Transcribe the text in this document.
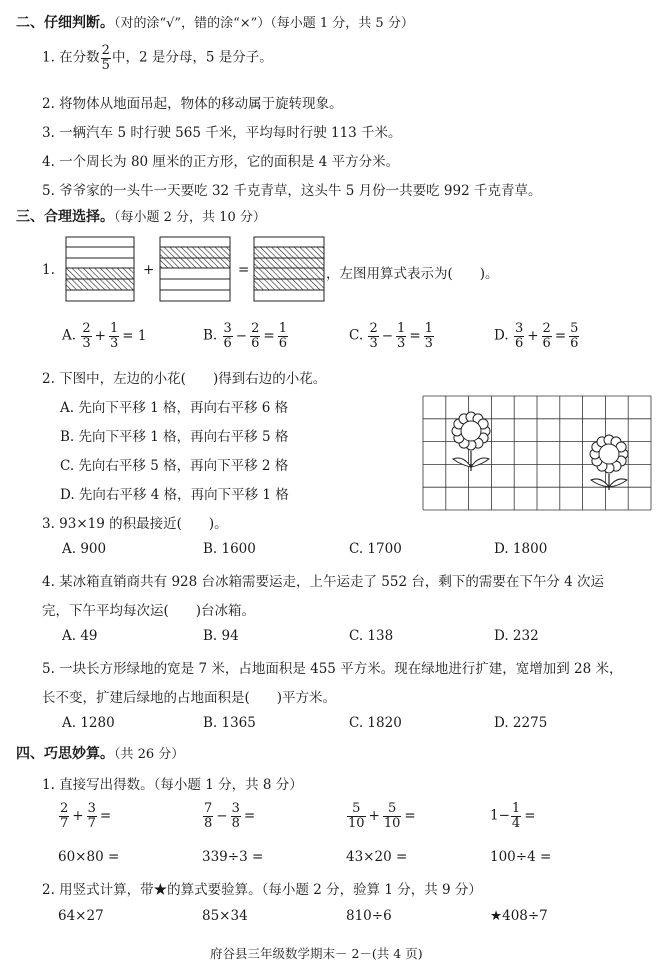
二、仔细判断。（对的涂“√”，错的涂“×”）（每小题 1 分，共 5 分）
1. 在分数 $\frac{2}{5}$ 中，2 是分母，5 是分子。
2. 将物体从地面吊起，物体的移动属于旋转现象。
3. 一辆汽车 5 时行驶 565 千米，平均每时行驶 113 千米。
4. 一个周长为 80 厘米的正方形，它的面积是 4 平方分米。
5. 爷爷家的一头牛一天要吃 32 千克青草，这头牛 5 月份一共要吃 992 千克青草。
三、合理选择。（每小题 2 分，共 10 分）
1.	+	=	，左图用算式表示为(　　)。
A. $\frac{2}{3} + \frac{1}{3} = 1$	B. $\frac{3}{6} - \frac{2}{6} = \frac{1}{6}$	C. $\frac{2}{3} - \frac{1}{3} = \frac{1}{3}$	D. $\frac{3}{6} + \frac{2}{6} = \frac{5}{6}$
2. 下图中，左边的小花(　　)得到右边的小花。
A. 先向下平移 1 格，再向右平移 6 格
B. 先向下平移 1 格，再向右平移 5 格
C. 先向右平移 5 格，再向下平移 2 格
D. 先向右平移 4 格，再向下平移 1 格
3. 93×19 的积最接近(　　)。
A. 900	B. 1600	C. 1700	D. 1800
4. 某冰箱直销商共有 928 台冰箱需要运走，上午运走了 552 台，剩下的需要在下午分 4 次运
完，下午平均每次运(　　)台冰箱。
A. 49	B. 94	C. 138	D. 232
5. 一块长方形绿地的宽是 7 米，占地面积是 455 平方米。现在绿地进行扩建，宽增加到 28 米，
长不变，扩建后绿地的占地面积是(　　)平方米。
A. 1280	B. 1365	C. 1820	D. 2275
四、巧思妙算。（共 26 分）
1. 直接写出得数。（每小题 1 分，共 8 分）
$\frac{2}{7} + \frac{3}{7}$ =	$\frac{7}{8} - \frac{3}{8}$ =	$\frac{5}{10} + \frac{5}{10}$ =	$1- \frac{1}{4}$ =
60×80 =	339÷3 =	43×20 =	100÷4 =
2. 用竖式计算，带★的算式要验算。（每小题 2 分，验算 1 分，共 9 分）
64×27	85×34	810÷6	★408÷7
府谷县三年级数学期末－ 2－(共 4 页)
